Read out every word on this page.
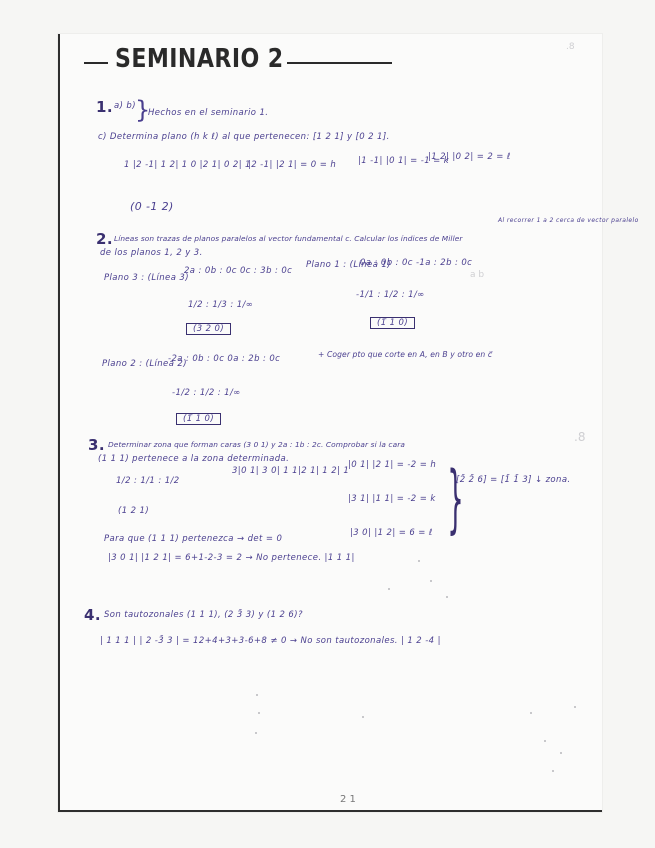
SEMINARIO 2	.8
1. a) b) }
Hechos en el seminario 1.
c) Determina plano (h k ℓ) al que pertenecen: [1 2 1] y [0 2 1].
1 |2 -1| 1 2| 1 0 |2 1| 0 2| 1
|2 -1| |2 1| = 0 = h	|1 -1| |0 1| = -1 = k
|1 2| |0 2| = 2 = ℓ
(0 -1 2)
2. Líneas son trazas de planos paralelos al vector fundamental c. Calcular los índices de Miller
de los planos 1, 2 y 3.
Al recorrer 1 a 2 cerca de vector paralelo
Plano 3 : (Línea 3)
2a : 0b : 0c 0c : 3b : 0c
1/2 : 1/3 : 1/∞
(3 2 0)
Plano 1 : (Línea 1)
0a : 0b : 0c -1a : 2b : 0c
a b
-1/1 : 1/2 : 1/∞
(1̄ 1 0)
Plano 2 : (Línea 2)
-2a : 0b : 0c 0a : 2b : 0c
-1/2 : 1/2 : 1/∞
(1̄ 1 0)
+ Coger pto que corte en A, en B y otro en c⃗
3. Determinar zona que forman caras (3 0 1) y 2a : 1b : 2c. Comprobar si la cara
(1 1 1) pertenece a la zona determinada.
.8
1/2 : 1/1 : 1/2
(1 2 1)
3|0 1| 3 0| 1 1|2 1| 1 2| 1
|0 1| |2 1| = -2 = h
|3 1| |1 1| = -2 = k
|3 0| |1 2| = 6 = ℓ }
[2̄ 2̄ 6] = [1̄ 1̄ 3] ↓ zona.
Para que (1 1 1) pertenezca → det = 0
|3 0 1| |1 2 1| = 6+1-2-3 = 2 → No pertenece. |1 1 1|
4. Son tautozonales (1 1 1), (2 3̄ 3) y (1 2 6)?
| 1 1 1 | | 2 -3̄ 3 | = 12+4+3+3-6+8 ≠ 0 → No son tautozonales. | 1 2 -4 |
2 1
